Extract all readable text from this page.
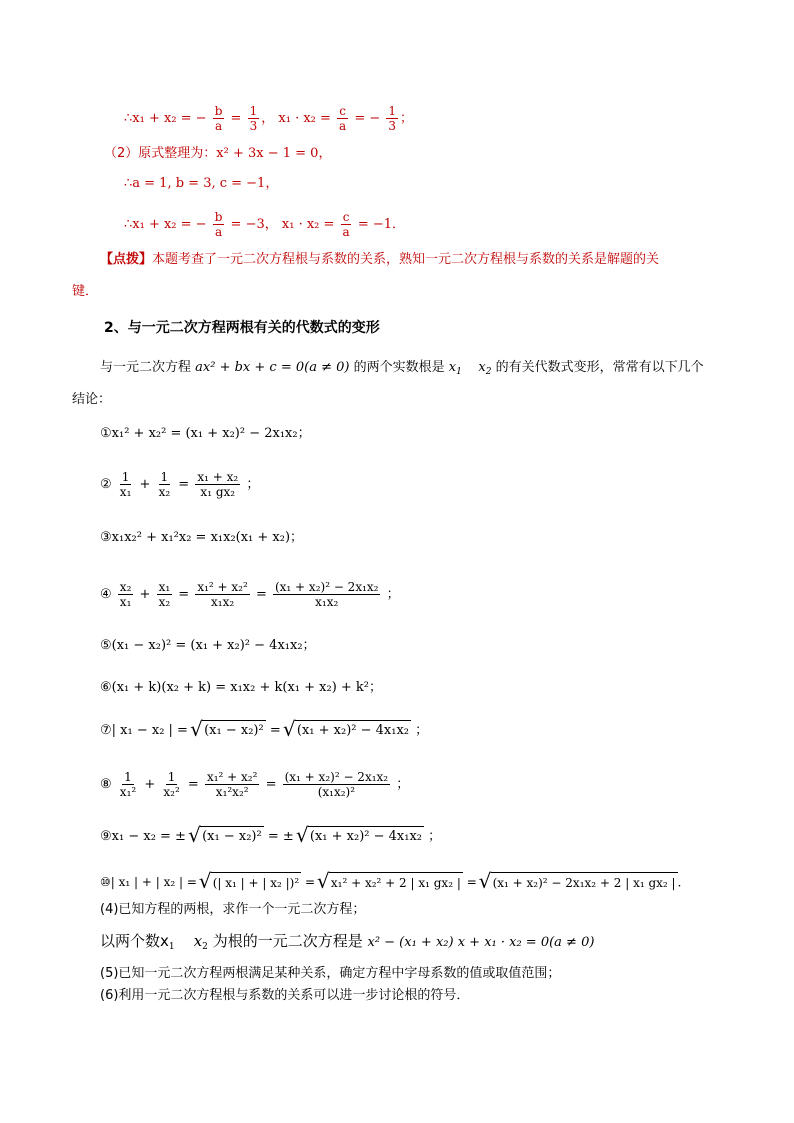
∴x₁ + x₂ = − $\frac{b}{a} = \frac{1}{3}$ ， $x_1 \cdot x_2 = \frac{c}{a}$ = − $\frac{1}{3}$ ；
（2）原式整理为：x² + 3x − 1 = 0，
∴a = 1, b = 3, c = −1，
∴x₁ + x₂ = − $\frac{b}{a} = -3$， $x_1 \cdot x_2 = \frac{c}{a} = -1$．
【点拨】本题考查了一元二次方程根与系数的关系，熟知一元二次方程根与系数的关系是解题的关
键．
2、与一元二次方程两根有关的代数式的变形
与一元二次方程 ax² + bx + c = 0(a ≠ 0) 的两个实数根是 $x_1$ $x_2$ 的有关代数式变形，常常有以下几个
结论：
①x₁² + x₂² = (x₁ + x₂)² − 2x₁x₂；
② $\frac{1}{\text{x₁}} + \frac{1}{\text{x₂}} = \frac{\text{x₁ + x₂}}{\text{x₁ gx₂}}$ ；
③x₁x₂² + x₁²x₂ = x₁x₂(x₁ + x₂)；
④ $\frac{\text{x₂}}{\text{x₁}} + \frac{\text{x₁}}{\text{x₂}} = \frac{\text{x₁² + x₂²}}{\text{x₁x₂}} = \frac{\text{(x₁ + x₂)² − 2x₁x₂}}{\text{x₁x₂}}$ ；
⑤(x₁ − x₂)² = (x₁ + x₂)² − 4x₁x₂；
⑥(x₁ + k)(x₂ + k) = x₁x₂ + k(x₁ + x₂) + k²；
⑦| x₁ − x₂ | = √ (x₁ − x₂)² = √ (x₁ + x₂)² − 4x₁x₂ ；
⑧ $\frac{1}{\text{x₁²}} + \frac{1}{\text{x₂²}} = \frac{\text{x₁² + x₂²}}{\text{x₁²x₂²}} = \frac{\text{(x₁ + x₂)² − 2x₁x₂}}{\text{(x₁x₂)²}}$ ；
⑨x₁ − x₂ = ± √ (x₁ − x₂)² = ± √ (x₁ + x₂)² − 4x₁x₂ ；
⑩| x₁ | + | x₂ | = √ (| x₁ | + | x₂ |)² = √ x₁² + x₂² + 2 | x₁ gx₂ | = √ (x₁ + x₂)² − 2x₁x₂ + 2 | x₁ gx₂ | ．
(4)已知方程的两根，求作一个一元二次方程；
以两个数$x_1$ $x_2$ 为根的一元二次方程是 x² − (x₁ + x₂) x + x₁ · x₂ = 0(a ≠ 0)
(5)已知一元二次方程两根满足某种关系，确定方程中字母系数的值或取值范围；
(6)利用一元二次方程根与系数的关系可以进一步讨论根的符号．
